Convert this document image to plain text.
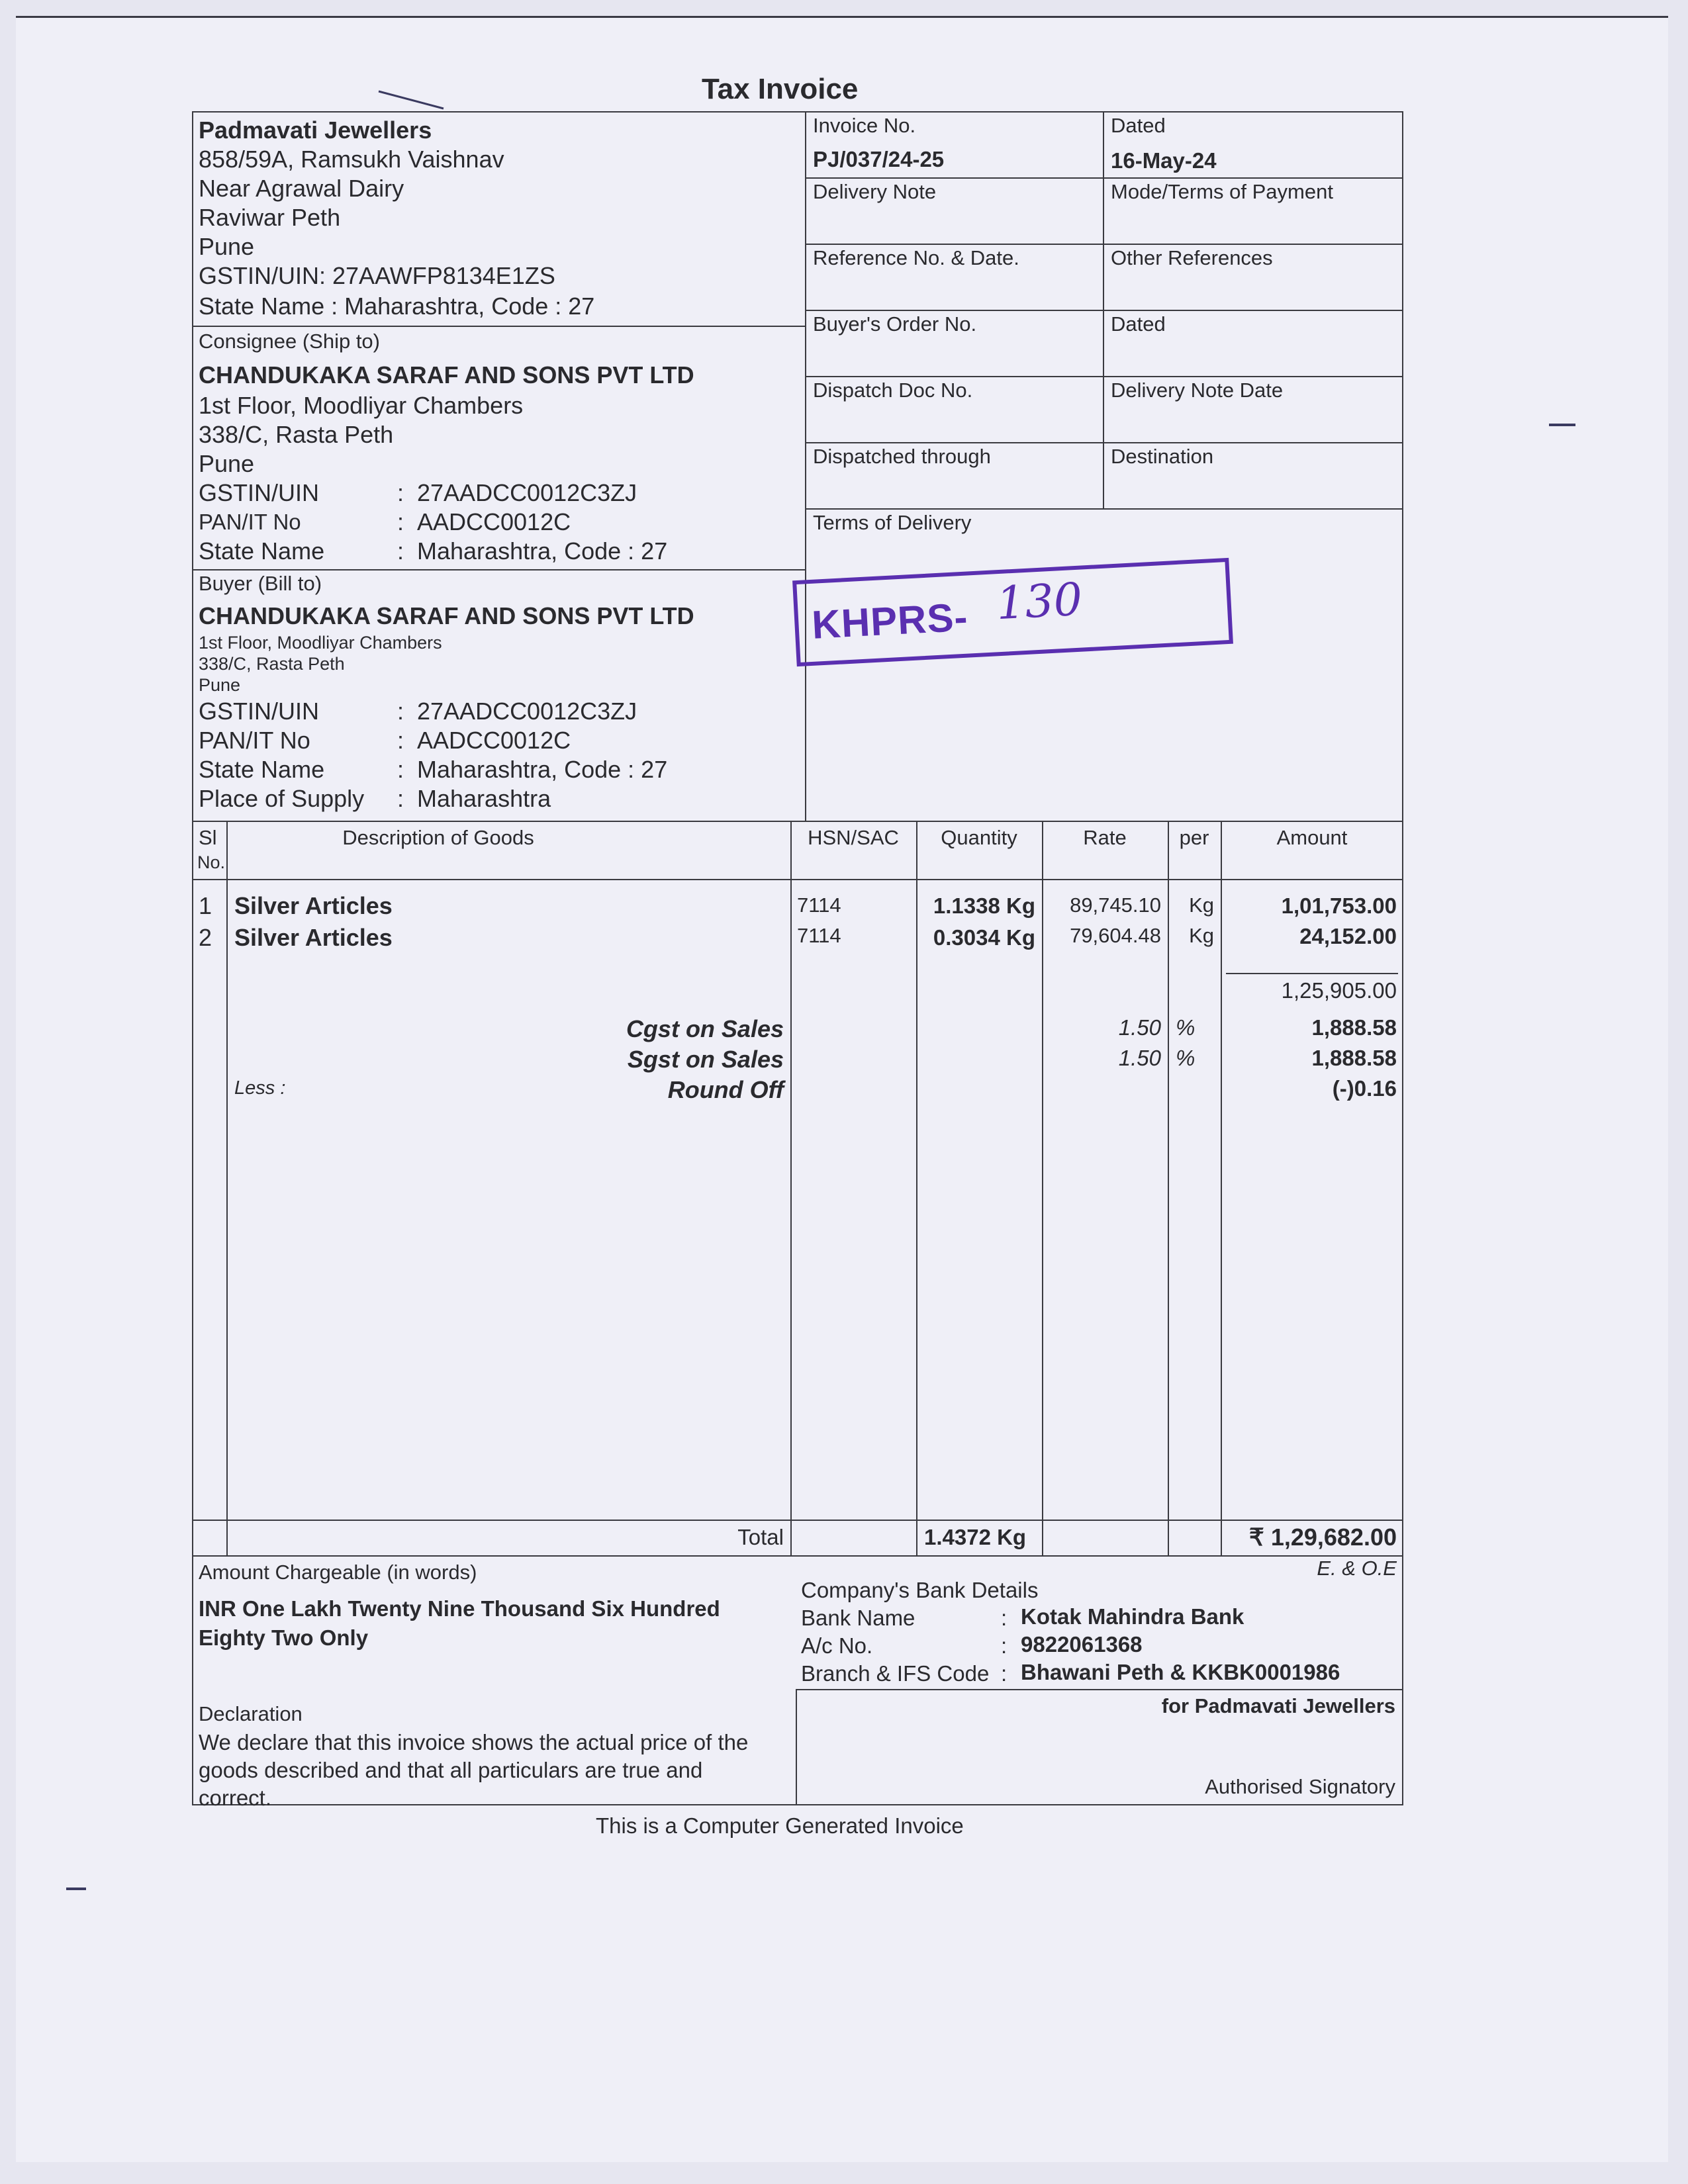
Tax Invoice
Padmavati Jewellers
858/59A, Ramsukh Vaishnav
Near Agrawal Dairy
Raviwar Peth
Pune
GSTIN/UIN: 27AAWFP8134E1ZS
State Name : Maharashtra, Code : 27
Consignee (Ship to)
CHANDUKAKA SARAF AND SONS PVT LTD
1st Floor, Moodliyar Chambers
338/C, Rasta Peth
Pune
GSTIN/UIN	: 27AADCC0012C3ZJ
PAN/IT No	: AADCC0012C
State Name	: Maharashtra, Code : 27
Buyer (Bill to)
CHANDUKAKA SARAF AND SONS PVT LTD
1st Floor, Moodliyar Chambers
338/C, Rasta Peth
Pune
GSTIN/UIN	: 27AADCC0012C3ZJ
PAN/IT No	: AADCC0012C
State Name	: Maharashtra, Code : 27
Place of Supply : Maharashtra
Invoice No.
PJ/037/24-25
Dated
16-May-24
Delivery Note	Mode/Terms of Payment
Reference No. & Date.	Other References
Buyer's Order No.	Dated
Dispatch Doc No.	Delivery Note Date
Dispatched through	Destination
Terms of Delivery
Sl
No.
Description of Goods	HSN/SAC	Quantity	Rate	per	Amount
1 Silver Articles	7114	1.1338 Kg	89,745.10	Kg	1,01,753.00
2 Silver Articles	7114	0.3034 Kg	79,604.48	Kg	24,152.00
1,25,905.00
Cgst on Sales	1.50 %	1,888.58
Sgst on Sales	1.50 %	1,888.58
Less :	Round Off	(-)0.16
Total	1.4372 Kg	₹ 1,29,682.00
E. & O.E
Amount Chargeable (in words)
INR One Lakh Twenty Nine Thousand Six Hundred
Eighty Two Only
Company's Bank Details
Bank Name	: Kotak Mahindra Bank
A/c No.	: 9822061368
Branch & IFS Code : Bhawani Peth & KKBK0001986
Declaration
We declare that this invoice shows the actual price of the
goods described and that all particulars are true and
correct.
for Padmavati Jewellers
Authorised Signatory
KHPRS- 130
This is a Computer Generated Invoice
